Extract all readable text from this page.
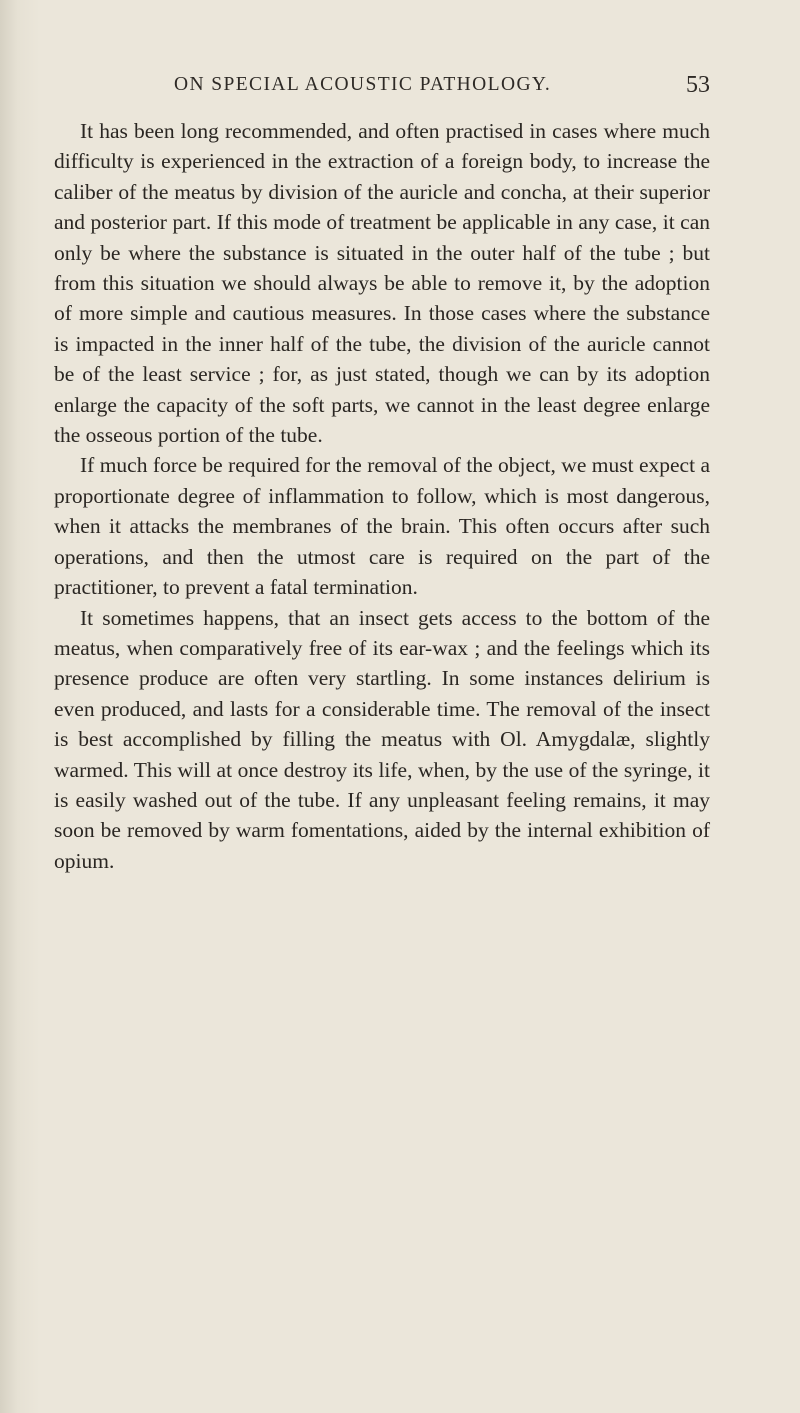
ON SPECIAL ACOUSTIC PATHOLOGY.	53

It has been long recommended, and often practised in cases where much difficulty is experienced in the extraction of a foreign body, to increase the caliber of the meatus by division of the auricle and concha, at their superior and posterior part. If this mode of treatment be applicable in any case, it can only be where the substance is situated in the outer half of the tube ; but from this situation we should always be able to remove it, by the adoption of more simple and cautious measures. In those cases where the substance is impacted in the inner half of the tube, the division of the auricle cannot be of the least service ; for, as just stated, though we can by its adoption enlarge the capacity of the soft parts, we cannot in the least degree enlarge the osseous portion of the tube.

If much force be required for the removal of the object, we must expect a proportionate degree of inflammation to follow, which is most dangerous, when it attacks the membranes of the brain. This often occurs after such operations, and then the utmost care is required on the part of the practitioner, to prevent a fatal termination.

It sometimes happens, that an insect gets access to the bottom of the meatus, when comparatively free of its ear-wax ; and the feelings which its presence produce are often very startling. In some instances delirium is even produced, and lasts for a considerable time. The removal of the insect is best accomplished by filling the meatus with Ol. Amygdalæ, slightly warmed. This will at once destroy its life, when, by the use of the syringe, it is easily washed out of the tube. If any unpleasant feeling remains, it may soon be removed by warm fomentations, aided by the internal exhibition of opium.
